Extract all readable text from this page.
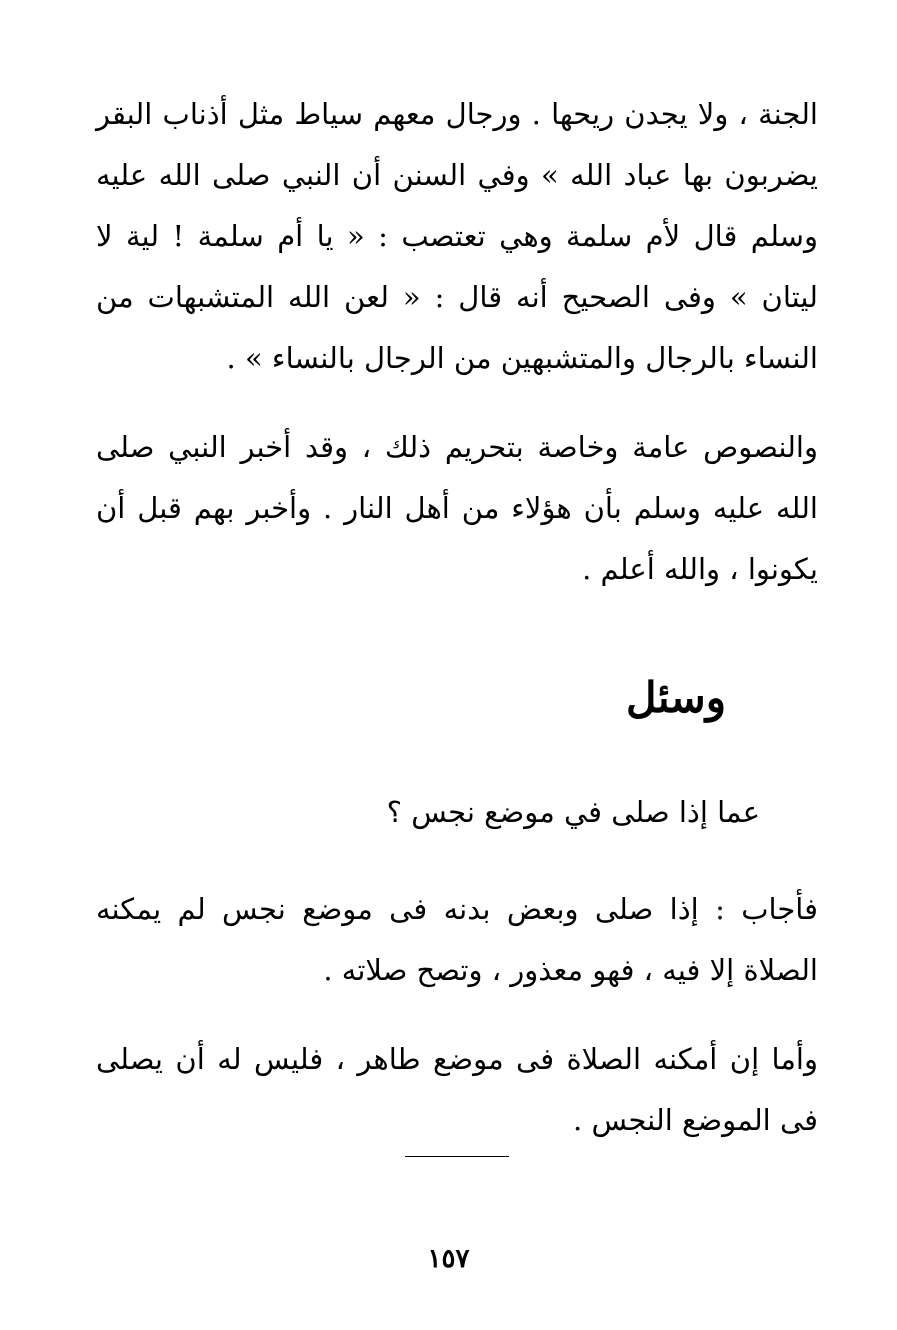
الجنة ، ولا يجدن ريحها . ورجال معهم سياط مثل أذناب البقر يضربون بها عباد الله » وفي السنن أن النبي صلى الله عليه وسلم قال لأم سلمة وهي تعتصب : « يا أم سلمة ! لية لا ليتان » وفى الصحيح أنه قال : « لعن الله المتشبهات من النساء بالرجال والمتشبهين من الرجال بالنساء » .

والنصوص عامة وخاصة بتحريم ذلك ، وقد أخبر النبي صلى الله عليه وسلم بأن هؤلاء من أهل النار . وأخبر بهم قبل أن يكونوا ، والله أعلم .

وسئل

عما إذا صلى في موضع نجس ؟

فأجاب : إذا صلى وبعض بدنه فى موضع نجس لم يمكنه الصلاة إلا فيه ، فهو معذور ، وتصح صلاته .

وأما إن أمكنه الصلاة فى موضع طاهر ، فليس له أن يصلى فى الموضع النجس .

١٥٧
